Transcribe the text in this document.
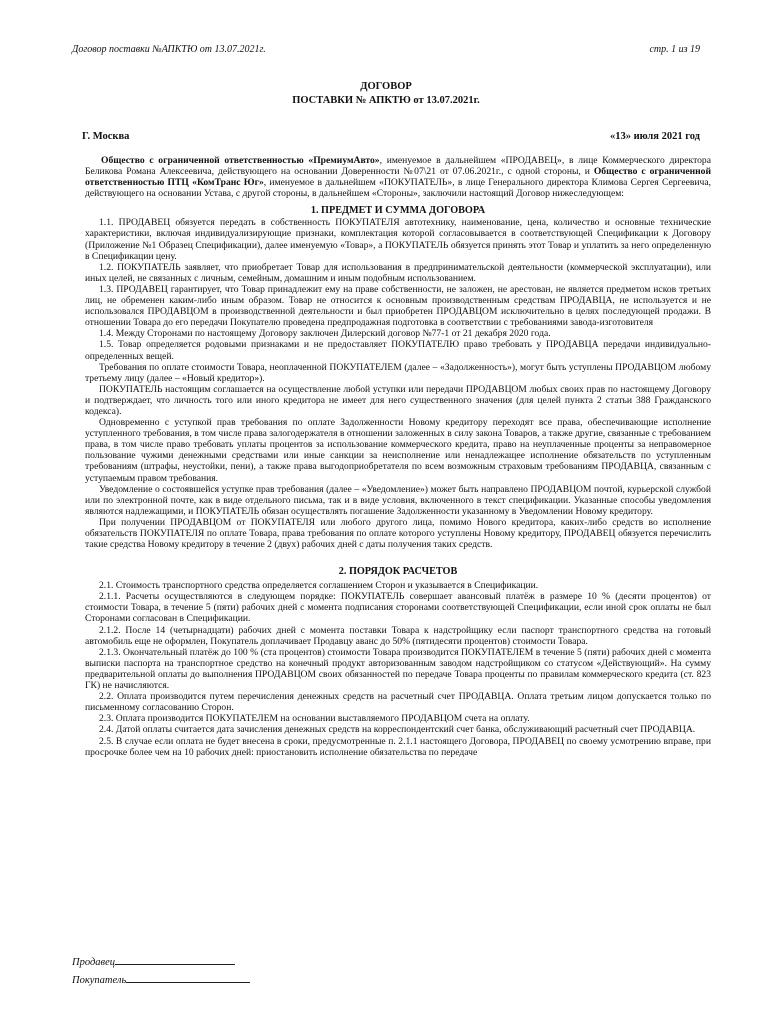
Договор поставки №АПКТЮ от 13.07.2021г.	стр. 1 из 19
ДОГОВОР
ПОСТАВКИ № АПКТЮ от 13.07.2021г.
Г. Москва	«13» июля 2021 год

Общество с ограниченной ответственностью «ПремиумАвто», именуемое в дальнейшем «ПРОДАВЕЦ», в лице Коммерческого директора Беликова Романа Алексеевича, действующего на основании Доверенности №07\21 от 07.06.2021г., с одной стороны, и Общество с ограниченной ответственностью ПТЦ «КомТранс Юг», именуемое в дальнейшем «ПОКУПАТЕЛЬ», в лице Генерального директора Климова Сергея Сергеевича, действующего на основании Устава, с другой стороны, в дальнейшем «Стороны», заключили настоящий Договор нижеследующем:

1. ПРЕДМЕТ И СУММА ДОГОВОРА

1.1. ПРОДАВЕЦ обязуется передать в собственность ПОКУПАТЕЛЯ автотехнику, наименование, цена, количество и основные технические характеристики, включая индивидуализирующие признаки, комплектация которой согласовывается в соответствующей Спецификации к Договору (Приложение №1 Образец Спецификации), далее именуемую «Товар», а ПОКУПАТЕЛЬ обязуется принять этот Товар и уплатить за него определенную в Спецификации цену.

1.2. ПОКУПАТЕЛЬ заявляет, что приобретает Товар для использования в предпринимательской деятельности (коммерческой эксплуатации), или иных целей, не связанных с личным, семейным, домашним и иным подобным использованием.

1.3. ПРОДАВЕЦ гарантирует, что Товар принадлежит ему на праве собственности, не заложен, не арестован, не является предметом исков третьих лиц, не обременен каким-либо иным образом. Товар не относится к основным производственным средствам ПРОДАВЦА, не используется и не использовался ПРОДАВЦОМ в производственной деятельности и был приобретен ПРОДАВЦОМ исключительно в целях последующей продажи. В отношении Товара до его передачи Покупателю проведена предпродажная подготовка в соответствии с требованиями завода-изготовителя

1.4. Между Сторонами по настоящему Договору заключен Дилерский договор №77-1 от 21 декабря 2020 года.

1.5. Товар определяется родовыми признаками и не предоставляет ПОКУПАТЕЛЮ право требовать у ПРОДАВЦА передачи индивидуально-определенных вещей.

Требования по оплате стоимости Товара, неоплаченной ПОКУПАТЕЛЕМ (далее – «Задолженность»), могут быть уступлены ПРОДАВЦОМ любому третьему лицу (далее – «Новый кредитор»).

ПОКУПАТЕЛЬ настоящим соглашается на осуществление любой уступки или передачи ПРОДАВЦОМ любых своих прав по настоящему Договору и подтверждает, что личность того или иного кредитора не имеет для него существенного значения (для целей пункта 2 статьи 388 Гражданского кодекса).

Одновременно с уступкой прав требования по оплате Задолженности Новому кредитору переходят все права, обеспечивающие исполнение уступленного требования, в том числе права залогодержателя в отношении заложенных в силу закона Товаров, а также другие, связанные с требованием права, в том числе право требовать уплаты процентов за использование коммерческого кредита, право на неуплаченные проценты за неправомерное пользование чужими денежными средствами или иные санкции за неисполнение или ненадлежащее исполнение обязательств по уступленным требованиям (штрафы, неустойки, пени), а также права выгодоприобретателя по всем возможным страховым требованиям ПРОДАВЦА, связанным с уступаемым правом требования.

Уведомление о состоявшейся уступке прав требования (далее – «Уведомление») может быть направлено ПРОДАВЦОМ почтой, курьерской службой или по электронной почте, как в виде отдельного письма, так и в виде условия, включенного в текст спецификации. Указанные способы уведомления являются надлежащими, и ПОКУПАТЕЛЬ обязан осуществлять погашение Задолженности указанному в Уведомлении Новому кредитору.

При получении ПРОДАВЦОМ от ПОКУПАТЕЛЯ или любого другого лица, помимо Нового кредитора, каких-либо средств во исполнение обязательств ПОКУПАТЕЛЯ по оплате Товара, права требования по оплате которого уступлены Новому кредитору, ПРОДАВЕЦ обязуется перечислить такие средства Новому кредитору в течение 2 (двух) рабочих дней с даты получения таких средств.

2. ПОРЯДОК РАСЧЕТОВ

2.1. Стоимость транспортного средства определяется соглашением Сторон и указывается в Спецификации.

2.1.1. Расчеты осуществляются в следующем порядке: ПОКУПАТЕЛЬ совершает авансовый платёж в размере 10 % (десяти процентов) от стоимости Товара, в течение 5 (пяти) рабочих дней с момента подписания сторонами соответствующей Спецификации, если иной срок оплаты не был Сторонами согласован в Спецификации.

2.1.2. После 14 (четырнадцати) рабочих дней с момента поставки Товара к надстройщику если паспорт транспортного средства на готовый автомобиль еще не оформлен, Покупатель доплачивает Продавцу аванс до 50% (пятидесяти процентов) стоимости Товара.

2.1.3. Окончательный платёж до 100 % (ста процентов) стоимости Товара производится ПОКУПАТЕЛЕМ в течение 5 (пяти) рабочих дней с момента выписки паспорта на транспортное средство на конечный продукт авторизованным заводом надстройщиком со статусом «Действующий». На сумму предварительной оплаты до выполнения ПРОДАВЦОМ своих обязанностей по передаче Товара проценты по правилам коммерческого кредита (ст. 823 ГК) не начисляются.

2.2. Оплата производится путем перечисления денежных средств на расчетный счет ПРОДАВЦА. Оплата третьим лицом допускается только по письменному согласованию Сторон.

2.3. Оплата производится ПОКУПАТЕЛЕМ на основании выставляемого ПРОДАВЦОМ счета на оплату.

2.4. Датой оплаты считается дата зачисления денежных средств на корреспондентский счет банка, обслуживающий расчетный счет ПРОДАВЦА.

2.5. В случае если оплата не будет внесена в сроки, предусмотренные п. 2.1.1 настоящего Договора, ПРОДАВЕЦ по своему усмотрению вправе, при просрочке более чем на 10 рабочих дней: приостановить исполнение обязательства по передаче

Продавец
Покупатель
